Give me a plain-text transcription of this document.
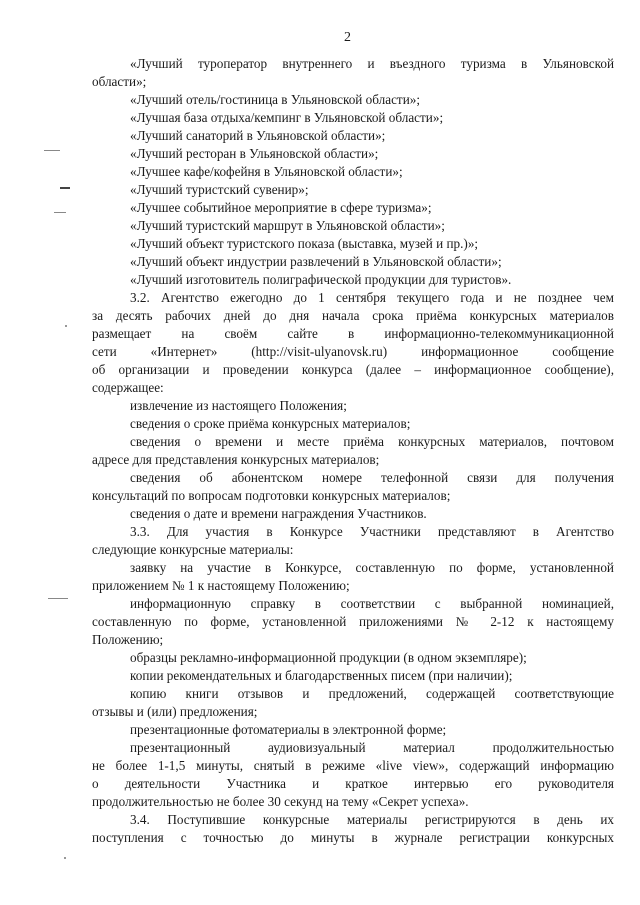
2
«Лучший туроператор внутреннего и въездного туризма в Ульяновской
области»;
«Лучший отель/гостиница в Ульяновской области»;
«Лучшая база отдыха/кемпинг в Ульяновской области»;
«Лучший санаторий в Ульяновской области»;
«Лучший ресторан в Ульяновской области»;
«Лучшее кафе/кофейня в Ульяновской области»;
«Лучший туристский сувенир»;
«Лучшее событийное мероприятие в сфере туризма»;
«Лучший туристский маршрут в Ульяновской области»;
«Лучший объект туристского показа (выставка, музей и пр.)»;
«Лучший объект индустрии развлечений в Ульяновской области»;
«Лучший изготовитель полиграфической продукции для туристов».
3.2. Агентство ежегодно до 1 сентября текущего года и не позднее чем
за десять рабочих дней до дня начала срока приёма конкурсных материалов
размещает на своём сайте в информационно-телекоммуникационной
сети «Интернет» (http://visit-ulyanovsk.ru) информационное сообщение
об организации и проведении конкурса (далее – информационное сообщение),
содержащее:
извлечение из настоящего Положения;
сведения о сроке приёма конкурсных материалов;
сведения о времени и месте приёма конкурсных материалов, почтовом
адресе для представления конкурсных материалов;
сведения об абонентском номере телефонной связи для получения
консультаций по вопросам подготовки конкурсных материалов;
сведения о дате и времени награждения Участников.
3.3. Для участия в Конкурсе Участники представляют в Агентство
следующие конкурсные материалы:
заявку на участие в Конкурсе, составленную по форме, установленной
приложением № 1 к настоящему Положению;
информационную справку в соответствии с выбранной номинацией,
составленную по форме, установленной приложениями № 2-12 к настоящему
Положению;
образцы рекламно-информационной продукции (в одном экземпляре);
копии рекомендательных и благодарственных писем (при наличии);
копию книги отзывов и предложений, содержащей соответствующие
отзывы и (или) предложения;
презентационные фотоматериалы в электронной форме;
презентационный аудиовизуальный материал продолжительностью
не более 1-1,5 минуты, снятый в режиме «live view», содержащий информацию
о деятельности Участника и краткое интервью его руководителя
продолжительностью не более 30 секунд на тему «Секрет успеха».
3.4. Поступившие конкурсные материалы регистрируются в день их
поступления с точностью до минуты в журнале регистрации конкурсных
